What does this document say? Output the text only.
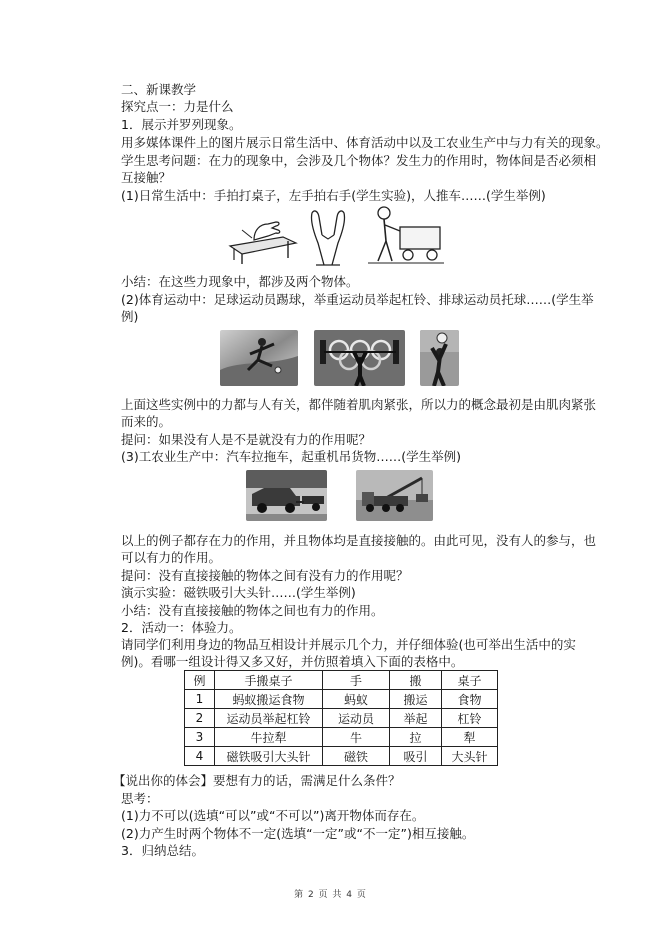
二、新课教学
探究点一：力是什么
1．展示并罗列现象。
用多媒体课件上的图片展示日常生活中、体育活动中以及工农业生产中与力有关的现象。
学生思考问题：在力的现象中，会涉及几个物体？发生力的作用时，物体间是否必须相
互接触？
(1)日常生活中：手拍打桌子，左手拍右手(学生实验)，人推车……(学生举例)
小结：在这些力现象中，都涉及两个物体。
(2)体育运动中：足球运动员踢球，举重运动员举起杠铃、排球运动员托球……(学生举
例)
上面这些实例中的力都与人有关，都伴随着肌肉紧张，所以力的概念最初是由肌肉紧张
而来的。
提问：如果没有人是不是就没有力的作用呢？
(3)工农业生产中：汽车拉拖车，起重机吊货物……(学生举例)
以上的例子都存在力的作用，并且物体均是直接接触的。由此可见，没有人的参与，也
可以有力的作用。
提问：没有直接接触的物体之间有没有力的作用呢？
演示实验：磁铁吸引大头针……(学生举例)
小结：没有直接接触的物体之间也有力的作用。
2．活动一：体验力。
请同学们利用身边的物品互相设计并展示几个力，并仔细体验(也可举出生活中的实
例)。看哪一组设计得又多又好，并仿照着填入下面的表格中。
例	手搬桌子	手	搬	桌子
1	蚂蚁搬运食物	蚂蚁	搬运	食物
2	运动员举起杠铃	运动员	举起	杠铃
3	牛拉犁	牛	拉	犁
4	磁铁吸引大头针	磁铁	吸引	大头针
【说出你的体会】要想有力的话，需满足什么条件？
思考：
(1)力不可以(选填“可以”或“不可以”)离开物体而存在。
(2)力产生时两个物体不一定(选填“一定”或“不一定”)相互接触。
3．归纳总结。
第 2 页 共 4 页
